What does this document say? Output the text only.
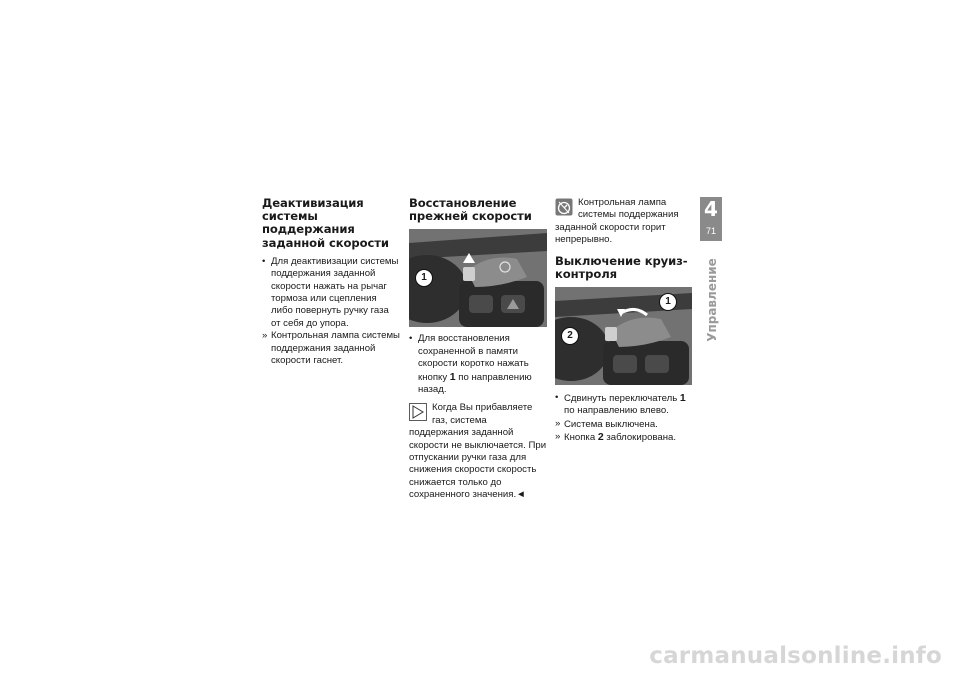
Деактивизация системы поддержания заданной скорости
• Для деактивизации системы поддержания заданной скорости нажать на рычаг тормоза или сцепления либо повернуть ручку газа от себя до упора.
» Контрольная лампа системы поддержания заданной скорости гаснет.
Восстановление прежней скорости
1
• Для восстановления сохраненной в памяти скорости коротко нажать кнопку 1 по направлению назад.
Когда Вы прибавляете газ, система поддержания заданной скорости не выключается. При отпускании ручки газа для снижения скорости скорость снижается только до сохраненного значения.◄
Контрольная лампа системы поддержания заданной скорости горит непрерывно.
Выключение круиз-контроля
1
2
• Сдвинуть переключатель 1 по направлению влево.
» Система выключена.
» Кнопка 2 заблокирована.
4
71
Управление
carmanualsonline.info
